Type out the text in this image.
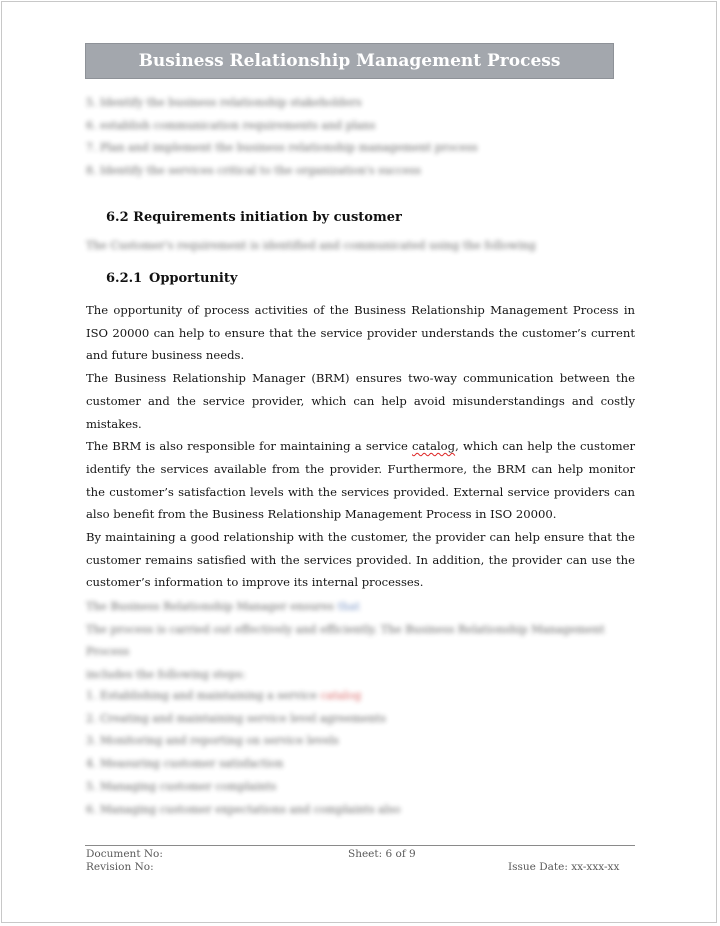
Business Relationship Management Process
5. Identify the business relationship stakeholders
6. establish communication requirements and plans
7. Plan and implement the business relationship management process
8. Identify the services critical to the organization's success
6.2 Requirements initiation by customer
The Customer's requirement is identified and communicated using the following
6.2.1 Opportunity

The opportunity of process activities of the Business Relationship Management Process in ISO 20000 can help to ensure that the service provider understands the customer’s current and future business needs.

The Business Relationship Manager (BRM) ensures two-way communication between the customer and the service provider, which can help avoid misunderstandings and costly mistakes.

The BRM is also responsible for maintaining a service catalog, which can help the customer identify the services available from the provider. Furthermore, the BRM can help monitor the customer’s satisfaction levels with the services provided. External service providers can also benefit from the Business Relationship Management Process in ISO 20000.

By maintaining a good relationship with the customer, the provider can help ensure that the customer remains satisfied with the services provided. In addition, the provider can use the customer’s information to improve its internal processes.

The Business Relationship Manager ensures that
The process is carried out effectively and efficiently. The Business Relationship Management Process
includes the following steps:
1. Establishing and maintaining a service catalog
2. Creating and maintaining service level agreements
3. Monitoring and reporting on service levels
4. Measuring customer satisfaction
5. Managing customer complaints
6. Managing customer expectations and complaints also
Document No:
Revision No:
Sheet: 6 of 9
Issue Date: xx-xxx-xx
